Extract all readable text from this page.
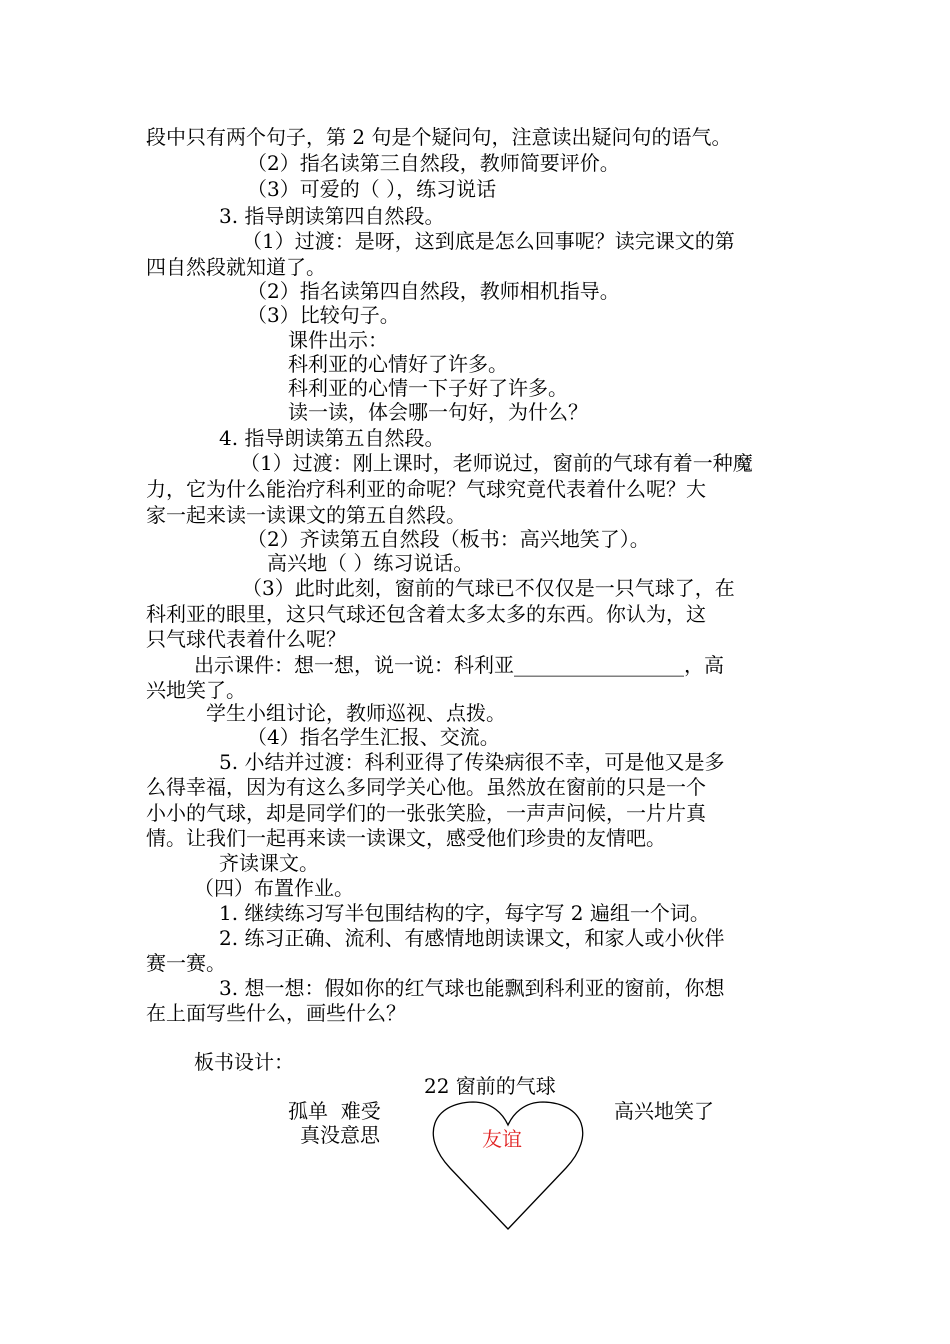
段中只有两个句子，第 2 句是个疑问句，注意读出疑问句的语气。
（2）指名读第三自然段，教师简要评价。
（3）可爱的（ ），练习说话
3. 指导朗读第四自然段。
（1）过渡：是呀，这到底是怎么回事呢？读完课文的第
四自然段就知道了。
（2）指名读第四自然段，教师相机指导。
（3）比较句子。
课件出示：
科利亚的心情好了许多。
科利亚的心情一下子好了许多。
读一读，体会哪一句好，为什么？
4. 指导朗读第五自然段。
（1）过渡：刚上课时，老师说过，窗前的气球有着一种魔
力，它为什么能治疗科利亚的命呢？气球究竟代表着什么呢？大
家一起来读一读课文的第五自然段。
（2）齐读第五自然段（板书：高兴地笑了）。
高兴地（ ）练习说话。
（3）此时此刻，窗前的气球已不仅仅是一只气球了，在
科利亚的眼里，这只气球还包含着太多太多的东西。你认为，这
只气球代表着什么呢？
出示课件：想一想，说一说：科利亚_________________，高
兴地笑了。
学生小组讨论，教师巡视、点拨。
（4）指名学生汇报、交流。
5. 小结并过渡：科利亚得了传染病很不幸，可是他又是多
么得幸福，因为有这么多同学关心他。虽然放在窗前的只是一个
小小的气球，却是同学们的一张张笑脸，一声声问候，一片片真
情。让我们一起再来读一读课文，感受他们珍贵的友情吧。
齐读课文。
（四）布置作业。
1. 继续练习写半包围结构的字，每字写 2 遍组一个词。
2. 练习正确、流利、有感情地朗读课文，和家人或小伙伴
赛一赛。
3. 想一想：假如你的红气球也能飘到科利亚的窗前，你想
在上面写些什么，画些什么？
板书设计：
22 窗前的气球
孤单  难受
真没意思
高兴地笑了
友谊
